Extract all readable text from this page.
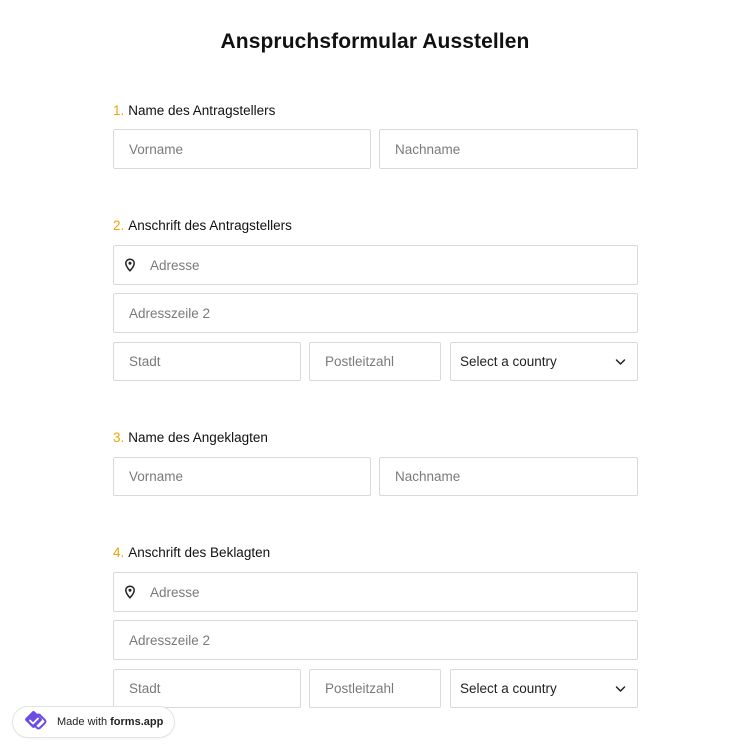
Anspruchsformular Ausstellen
1. Name des Antragstellers
Vorname	Nachname
2. Anschrift des Antragstellers
Adresse
Adresszeile 2
Stadt	Postleitzahl	Select a country
3. Name des Angeklagten
Vorname	Nachname
4. Anschrift des Beklagten
Adresse
Adresszeile 2
Stadt	Postleitzahl	Select a country
Made with forms.app
